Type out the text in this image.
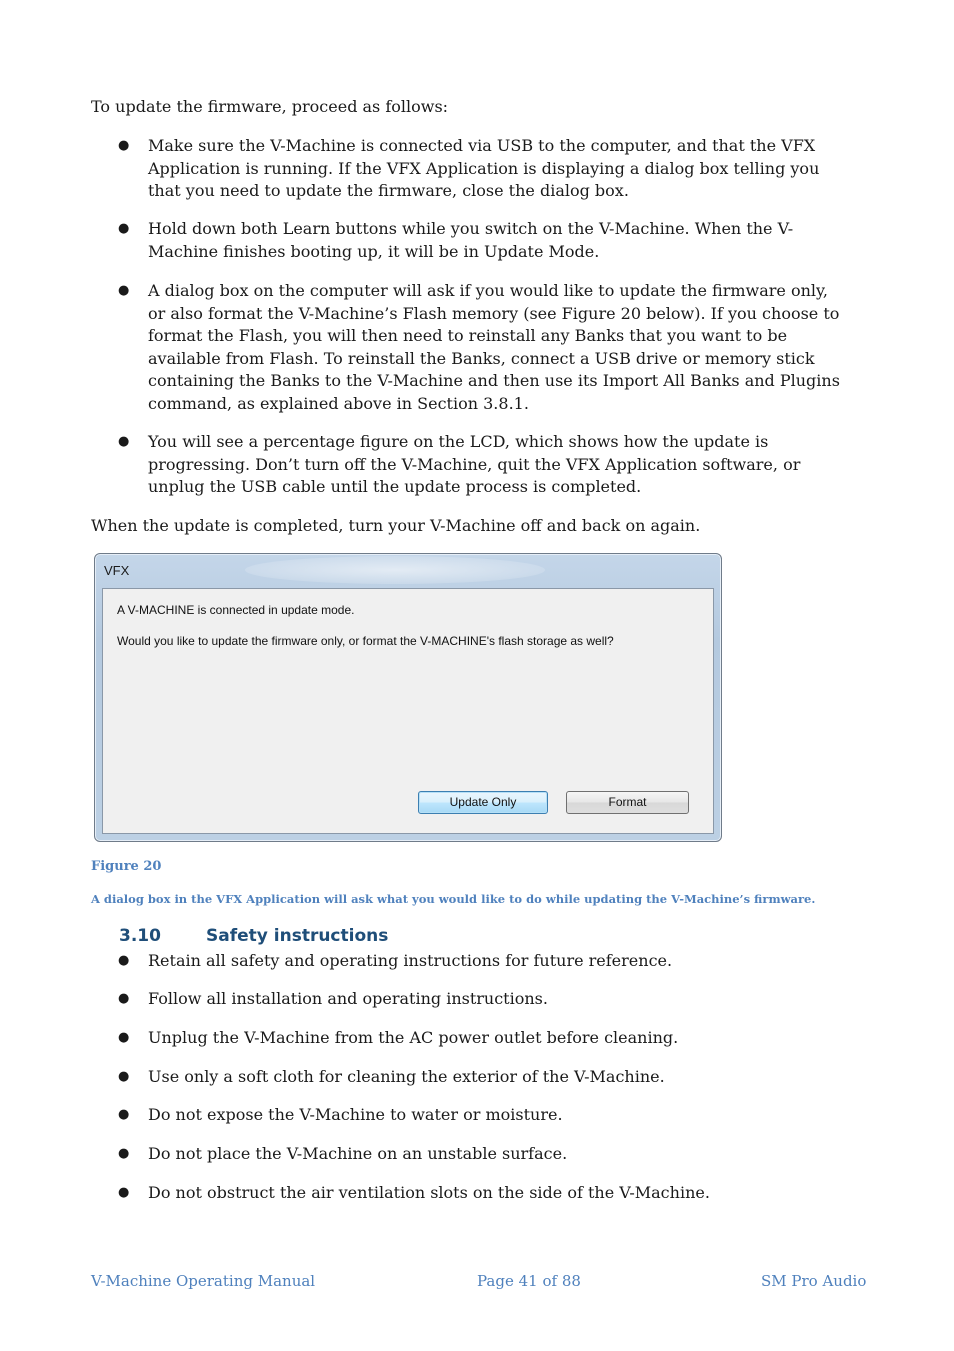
To update the firmware, proceed as follows:

●	Make sure the V-Machine is connected via USB to the computer, and that the VFX Application is running. If the VFX Application is displaying a dialog box telling you that you need to update the firmware, close the dialog box.
●	Hold down both Learn buttons while you switch on the V-Machine. When the V-Machine finishes booting up, it will be in Update Mode.
●	A dialog box on the computer will ask if you would like to update the firmware only, or also format the V-Machine’s Flash memory (see Figure 20 below). If you choose to format the Flash, you will then need to reinstall any Banks that you want to be available from Flash. To reinstall the Banks, connect a USB drive or memory stick containing the Banks to the V-Machine and then use its Import All Banks and Plugins command, as explained above in Section 3.8.1.
●	You will see a percentage figure on the LCD, which shows how the update is progressing. Don’t turn off the V-Machine, quit the VFX Application software, or unplug the USB cable until the update process is completed.

When the update is completed, turn your V-Machine off and back on again.

VFX
A V-MACHINE is connected in update mode.
Would you like to update the firmware only, or format the V-MACHINE's flash storage as well?
Update Only	Format

Figure 20

A dialog box in the VFX Application will ask what you would like to do while updating the V-Machine’s firmware.

3.10	Safety instructions
●	Retain all safety and operating instructions for future reference.
●	Follow all installation and operating instructions.
●	Unplug the V-Machine from the AC power outlet before cleaning.
●	Use only a soft cloth for cleaning the exterior of the V-Machine.
●	Do not expose the V-Machine to water or moisture.
●	Do not place the V-Machine on an unstable surface.
●	Do not obstruct the air ventilation slots on the side of the V-Machine.
V-Machine Operating Manual	Page 41 of 88	SM Pro Audio
